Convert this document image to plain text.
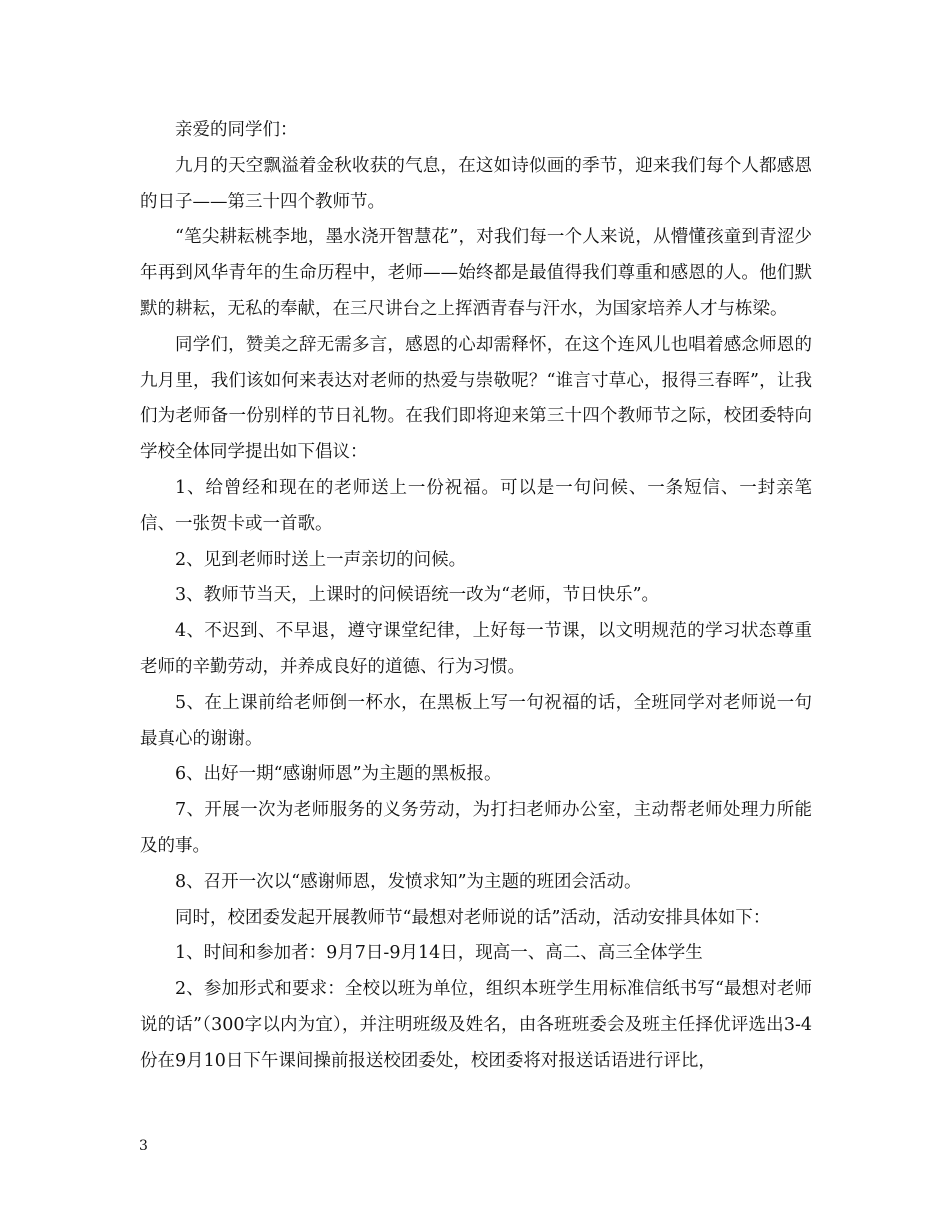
亲爱的同学们：

九月的天空飘溢着金秋收获的气息，在这如诗似画的季节，迎来我们每个人都感恩的日子——第三十四个教师节。

“笔尖耕耘桃李地，墨水浇开智慧花”，对我们每一个人来说，从懵懂孩童到青涩少年再到风华青年的生命历程中，老师——始终都是最值得我们尊重和感恩的人。他们默默的耕耘，无私的奉献，在三尺讲台之上挥洒青春与汗水，为国家培养人才与栋梁。

同学们，赞美之辞无需多言，感恩的心却需释怀，在这个连风儿也唱着感念师恩的九月里，我们该如何来表达对老师的热爱与崇敬呢？“谁言寸草心，报得三春晖”，让我们为老师备一份别样的节日礼物。在我们即将迎来第三十四个教师节之际，校团委特向学校全体同学提出如下倡议：

1、给曾经和现在的老师送上一份祝福。可以是一句问候、一条短信、一封亲笔信、一张贺卡或一首歌。

2、见到老师时送上一声亲切的问候。

3、教师节当天，上课时的问候语统一改为“老师，节日快乐”。

4、不迟到、不早退，遵守课堂纪律，上好每一节课，以文明规范的学习状态尊重老师的辛勤劳动，并养成良好的道德、行为习惯。

5、在上课前给老师倒一杯水，在黑板上写一句祝福的话，全班同学对老师说一句最真心的谢谢。

6、出好一期“感谢师恩”为主题的黑板报。

7、开展一次为老师服务的义务劳动，为打扫老师办公室，主动帮老师处理力所能及的事。

8、召开一次以“感谢师恩，发愤求知”为主题的班团会活动。

同时，校团委发起开展教师节“最想对老师说的话”活动，活动安排具体如下：

1、时间和参加者：9月7日-9月14日，现高一、高二、高三全体学生

2、参加形式和要求：全校以班为单位，组织本班学生用标准信纸书写“最想对老师说的话”（300字以内为宜），并注明班级及姓名，由各班班委会及班主任择优评选出3-4份在9月10日下午课间操前报送校团委处，校团委将对报送话语进行评比，

3
